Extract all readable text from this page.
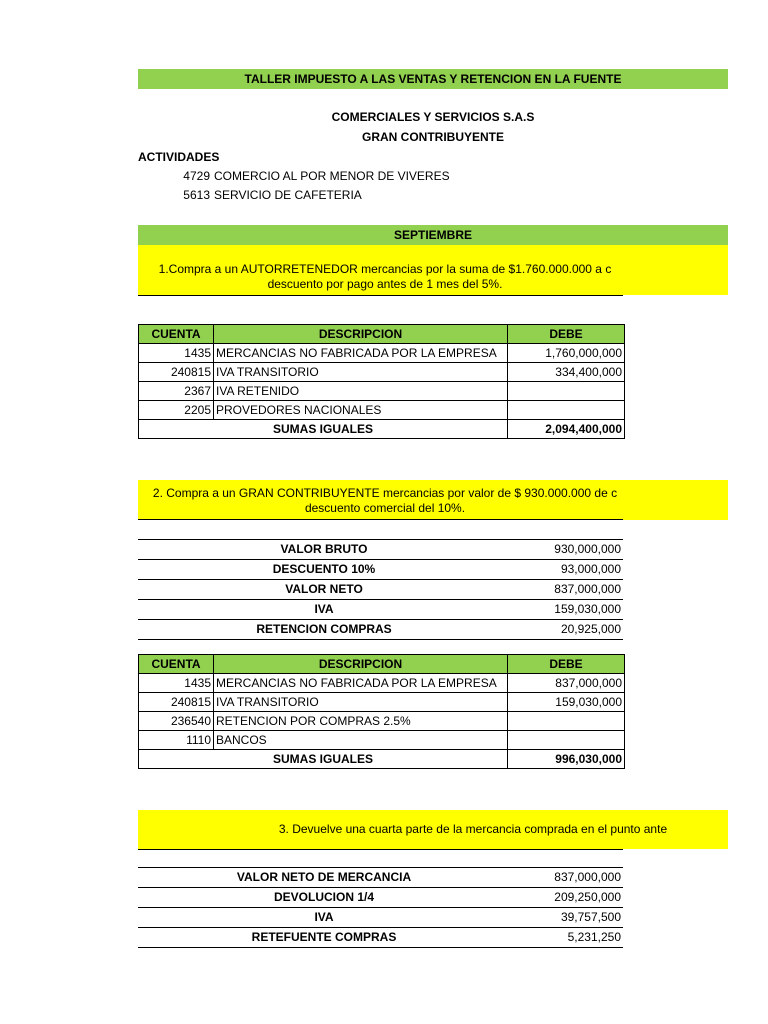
TALLER IMPUESTO A LAS VENTAS Y RETENCION EN LA FUENTE
COMERCIALES Y SERVICIOS S.A.S
GRAN CONTRIBUYENTE
ACTIVIDADES
4729 COMERCIO AL POR MENOR DE VIVERES
5613 SERVICIO DE CAFETERIA
SEPTIEMBRE
1.Compra a un AUTORRETENEDOR mercancias por la suma de $1.760.000.000 a c
descuento por pago antes de 1 mes del 5%.
CUENTA	DESCRIPCION	DEBE
1435	MERCANCIAS NO FABRICADA POR LA EMPRESA	1,760,000,000
240815	IVA TRANSITORIO	334,400,000
2367	IVA RETENIDO	
2205	PROVEDORES NACIONALES	
SUMAS IGUALES		2,094,400,000
2. Compra a un GRAN CONTRIBUYENTE mercancias por valor de $ 930.000.000 de c
descuento comercial del 10%.
VALOR BRUTO	930,000,000
DESCUENTO 10%	93,000,000
VALOR NETO	837,000,000
IVA	159,030,000
RETENCION COMPRAS	20,925,000
CUENTA	DESCRIPCION	DEBE
1435	MERCANCIAS NO FABRICADA POR LA EMPRESA	837,000,000
240815	IVA TRANSITORIO	159,030,000
236540	RETENCION POR COMPRAS 2.5%	
1110	BANCOS	
SUMAS IGUALES		996,030,000
3. Devuelve una cuarta parte de la mercancia comprada en el punto ante
VALOR NETO DE MERCANCIA	837,000,000
DEVOLUCION 1/4	209,250,000
IVA	39,757,500
RETEFUENTE COMPRAS	5,231,250
